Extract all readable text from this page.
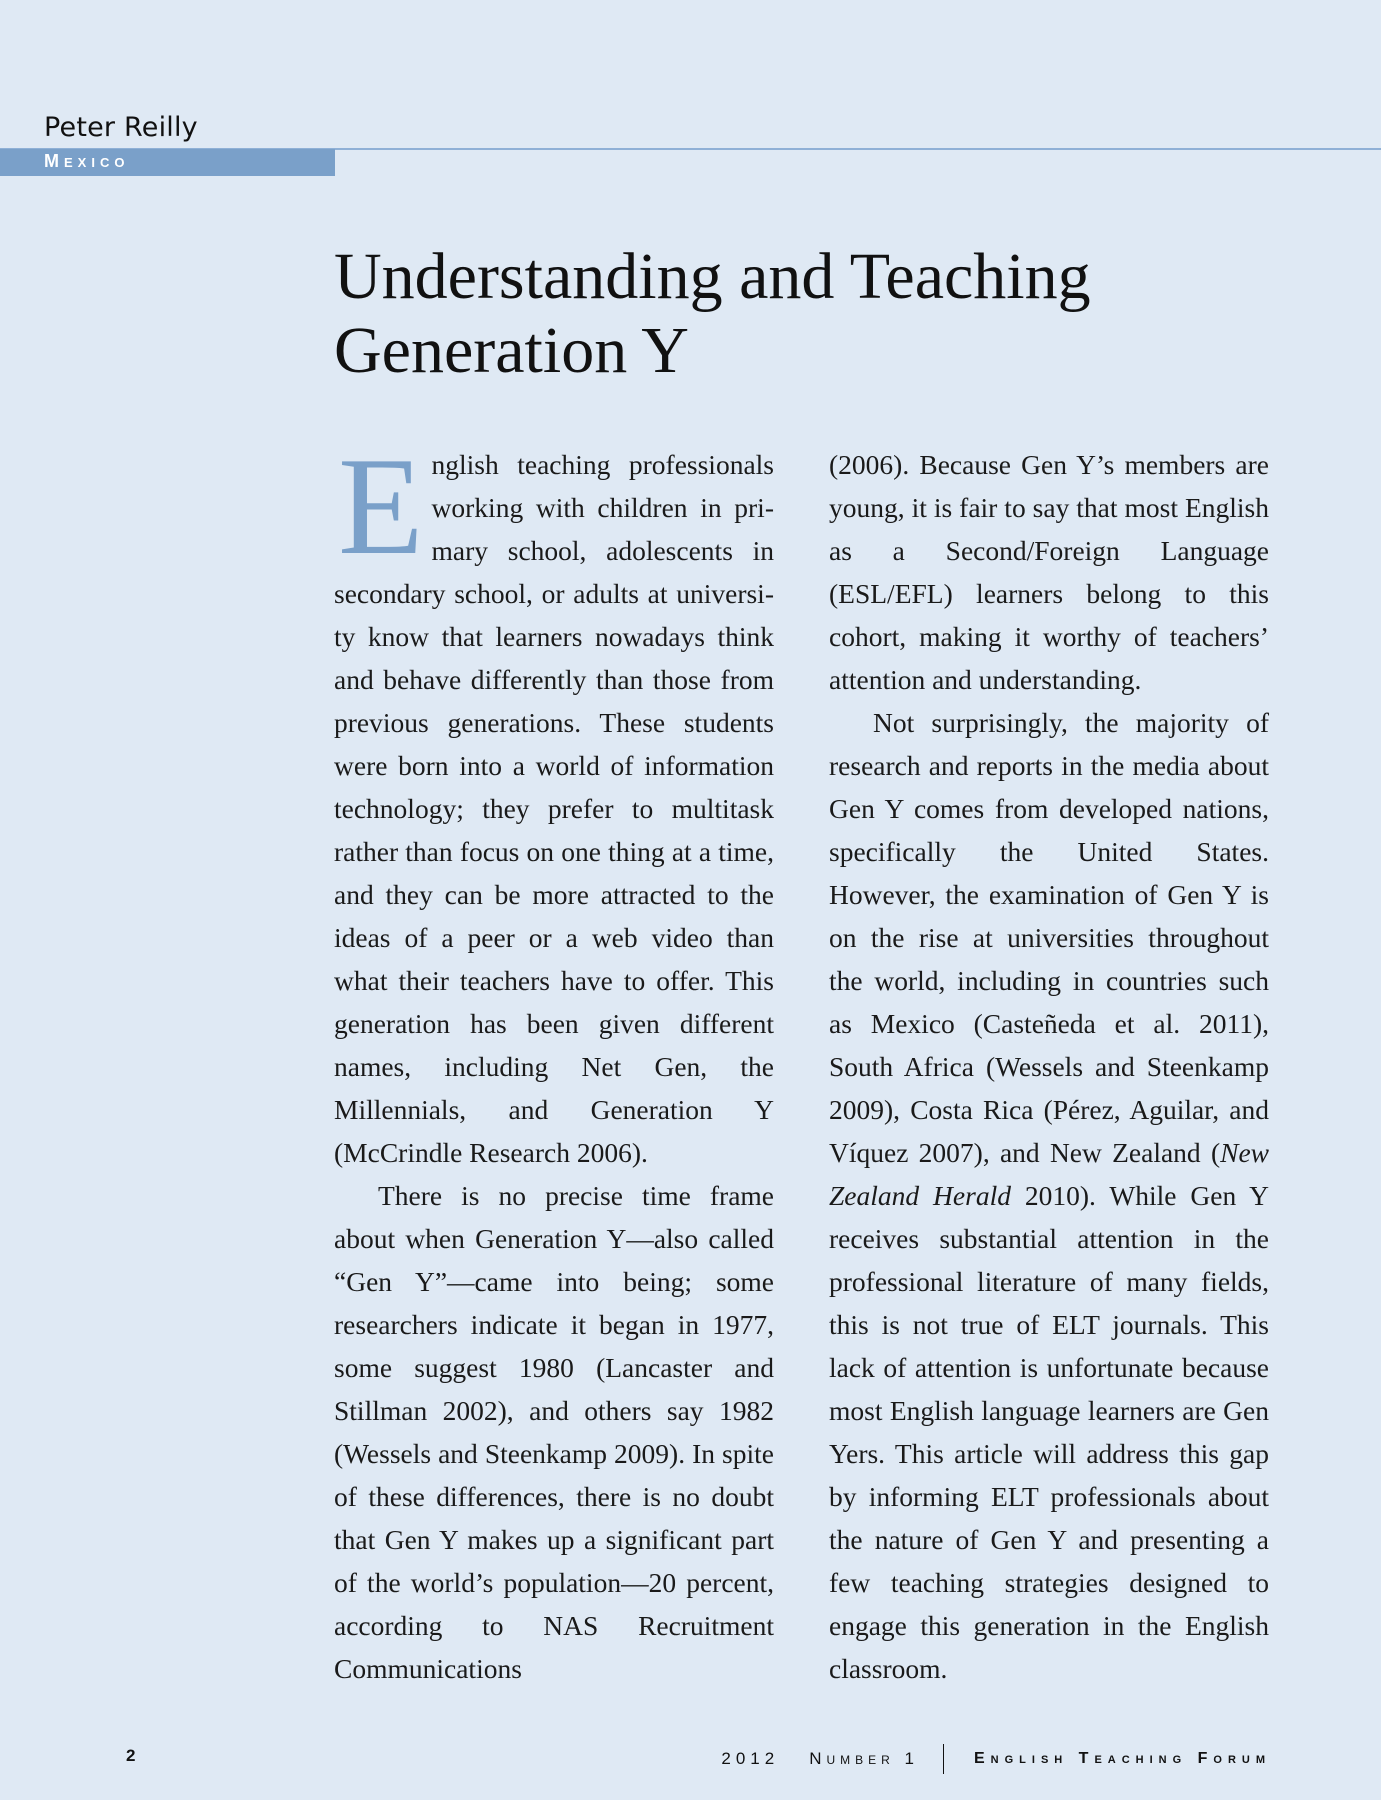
Peter Reilly
Mexico
Understanding and Teaching Generation Y

English teaching professionals working with children in primary school, adolescents in secondary school, or adults at university know that learners nowadays think and behave differently than those from previous generations. These students were born into a world of information technology; they prefer to multitask rather than focus on one thing at a time, and they can be more attracted to the ideas of a peer or a web video than what their teachers have to offer. This generation has been given different names, including Net Gen, the Millennials, and Generation Y (McCrindle Research 2006).

There is no precise time frame about when Generation Y—also called “Gen Y”—came into being; some researchers indicate it began in 1977, some suggest 1980 (Lancaster and Stillman 2002), and others say 1982 (Wessels and Steenkamp 2009). In spite of these differences, there is no doubt that Gen Y makes up a significant part of the world’s population—20 percent, according to NAS Recruitment Communications

(2006). Because Gen Y’s members are young, it is fair to say that most English as a Second/Foreign Language (ESL/EFL) learners belong to this cohort, making it worthy of teachers’ attention and understanding.

Not surprisingly, the majority of research and reports in the media about Gen Y comes from developed nations, specifically the United States. However, the examination of Gen Y is on the rise at universities throughout the world, including in countries such as Mexico (Casteñeda et al. 2011), South Africa (Wessels and Steenkamp 2009), Costa Rica (Pérez, Aguilar, and Víquez 2007), and New Zealand (New Zealand Herald 2010). While Gen Y receives substantial attention in the professional literature of many fields, this is not true of ELT journals. This lack of attention is unfortunate because most English language learners are Gen Yers. This article will address this gap by informing ELT professionals about the nature of Gen Y and presenting a few teaching strategies designed to engage this generation in the English classroom.

2	2012 Number 1	English Teaching Forum
